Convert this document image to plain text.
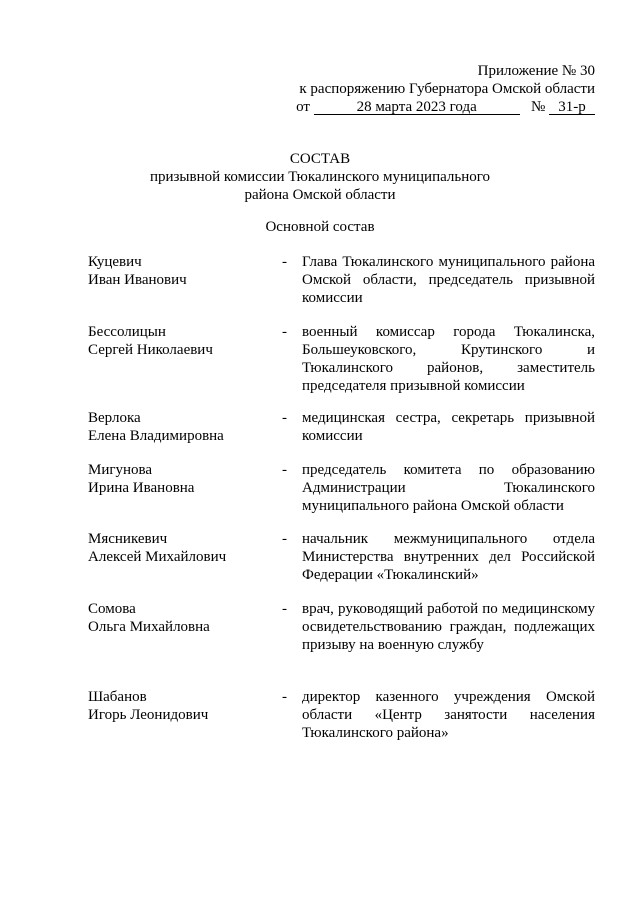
Приложение № 30
к распоряжению Губернатора Омской области
от	28 марта 2023 года	№ 31-р
СОСТАВ
призывной комиссии Тюкалинского муниципального
района Омской области
Основной состав
Куцевич
Иван Иванович
- Глава Тюкалинского муниципального района Омской области, председатель призывной комиссии
Бессолицын
Сергей Николаевич
- военный комиссар города Тюкалинска, Большеуковского, Крутинского и Тюкалинского районов, заместитель председателя призывной комиссии
Верлока
Елена Владимировна
- медицинская сестра, секретарь призывной комиссии
Мигунова
Ирина Ивановна
- председатель комитета по образованию Администрации Тюкалинского муниципального района Омской области
Мясникевич
Алексей Михайлович
- начальник межмуниципального отдела Министерства внутренних дел Российской Федерации «Тюкалинский»
Сомова
Ольга Михайловна
- врач, руководящий работой по медицинскому освидетельствованию граждан, подлежащих призыву на военную службу
Шабанов
Игорь Леонидович
- директор казенного учреждения Омской области «Центр занятости населения Тюкалинского района»
